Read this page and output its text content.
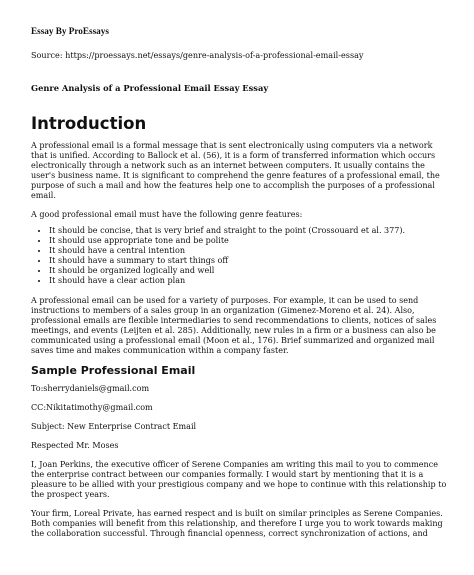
Essay By ProEssays
Source: https://proessays.net/essays/genre-analysis-of-a-professional-email-essay
Genre Analysis of a Professional Email Essay Essay
Introduction
A professional email is a formal message that is sent electronically using computers via a network that is unified. According to Ballock et al. (56), it is a form of transferred information which occurs electronically through a network such as an internet between computers. It usually contains the user's business name. It is significant to comprehend the genre features of a professional email, the purpose of such a mail and how the features help one to accomplish the purposes of a professional email.
A good professional email must have the following genre features:
• It should be concise, that is very brief and straight to the point (Crossouard et al. 377).
• It should use appropriate tone and be polite
• It should have a central intention
• It should have a summary to start things off
• It should be organized logically and well
• It should have a clear action plan
A professional email can be used for a variety of purposes. For example, it can be used to send instructions to members of a sales group in an organization (Gimenez-Moreno et al. 24). Also, professional emails are flexible intermediaries to send recommendations to clients, notices of sales meetings, and events (Leijten et al. 285). Additionally, new rules in a firm or a business can also be communicated using a professional email (Moon et al., 176). Brief summarized and organized mail saves time and makes communication within a company faster.
Sample Professional Email
To:sherrydaniels@gmail.com
CC:Nikitatimothy@gmail.com
Subject: New Enterprise Contract Email
Respected Mr. Moses
I, Joan Perkins, the executive officer of Serene Companies am writing this mail to you to commence the enterprise contract between our companies formally. I would start by mentioning that it is a pleasure to be allied with your prestigious company and we hope to continue with this relationship to the prospect years.
Your firm, Loreal Private, has earned respect and is built on similar principles as Serene Companies. Both companies will benefit from this relationship, and therefore I urge you to work towards making the collaboration successful. Through financial openness, correct synchronization of actions, and
